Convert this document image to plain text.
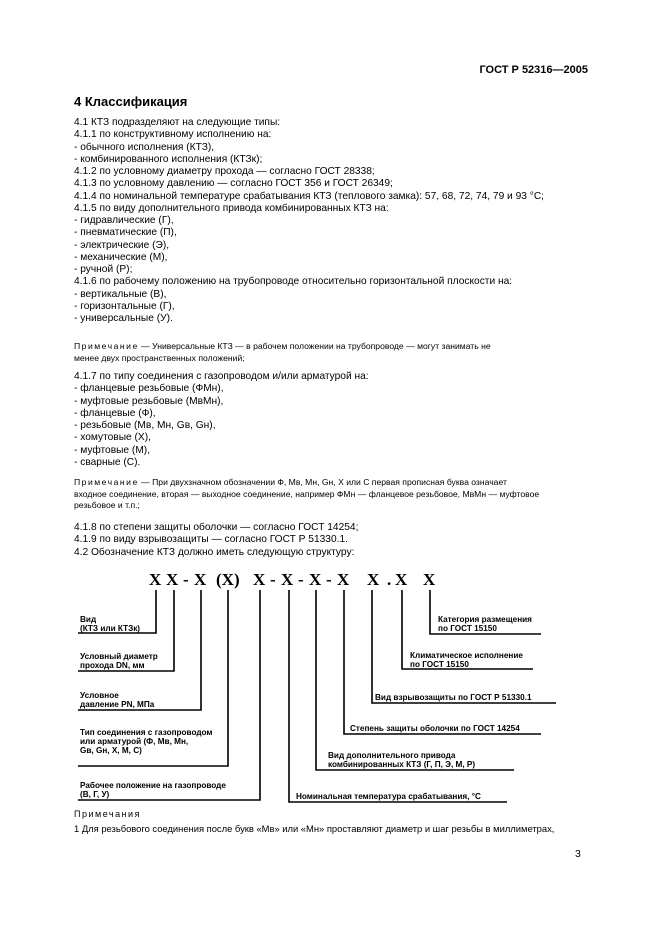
ГОСТ Р 52316—2005
4 Классификация
4.1 КТЗ подразделяют на следующие типы:
4.1.1 по конструктивному исполнению на:
- обычного исполнения (КТЗ),
- комбинированного исполнения (КТЗк);
4.1.2 по условному диаметру прохода — согласно ГОСТ 28338;
4.1.3 по условному давлению — согласно ГОСТ 356 и ГОСТ 26349;
4.1.4 по номинальной температуре срабатывания КТЗ (теплового замка): 57, 68, 72, 74, 79 и 93 °С;
4.1.5 по виду дополнительного привода комбинированных КТЗ на:
- гидравлические (Г),
- пневматические (П),
- электрические (Э),
- механические (М),
- ручной (Р);
4.1.6 по рабочему положению на трубопроводе относительно горизонтальной плоскости на:
- вертикальные (В),
- горизонтальные (Г),
- универсальные (У).
Примечание — Универсальные КТЗ — в рабочем положении на трубопроводе — могут занимать не
менее двух пространственных положений;
4.1.7 по типу соединения с газопроводом и/или арматурой на:
- фланцевые резьбовые (ФМн),
- муфтовые резьбовые (МвМн),
- фланцевые (Ф),
- резьбовые (Мв, Мн, Gв, Gн),
- хомутовые (Х),
- муфтовые (М),
- сварные (С).
Примечание — При двухзначном обозначении Ф, Мв, Мн, Gн, Х или С первая прописная буква означает
входное соединение, вторая — выходное соединение, например ФМн — фланцевое резьбовое, МвМн — муфтовое
резьбовое и т.п.;
4.1.8 по степени защиты оболочки — согласно ГОСТ 14254;
4.1.9 по виду взрывозащиты — согласно ГОСТ Р 51330.1.
4.2 Обозначение КТЗ должно иметь следующую структуру:
Х Х - Х (Х) Х - Х - Х - Х Х . Х Х
Вид
(КТЗ или КТЗк)
Условный диаметр
прохода DN, мм
Условное
давление PN, МПа
Тип соединения с газопроводом
или арматурой (Ф, Мв, Мн,
Gв, Gн, Х, М, С)
Рабочее положение на газопроводе
(В, Г, У)
Категория размещения
по ГОСТ 15150
Климатическое исполнение
по ГОСТ 15150
Вид взрывозащиты по ГОСТ Р 51330.1
Степень защиты оболочки по ГОСТ 14254
Вид дополнительного привода
комбинированных КТЗ (Г, П, Э, М, Р)
Номинальная температура срабатывания, °С
Примечания
1 Для резьбового соединения после букв «Мв» или «Мн» проставляют диаметр и шаг резьбы в миллиметрах,
3
